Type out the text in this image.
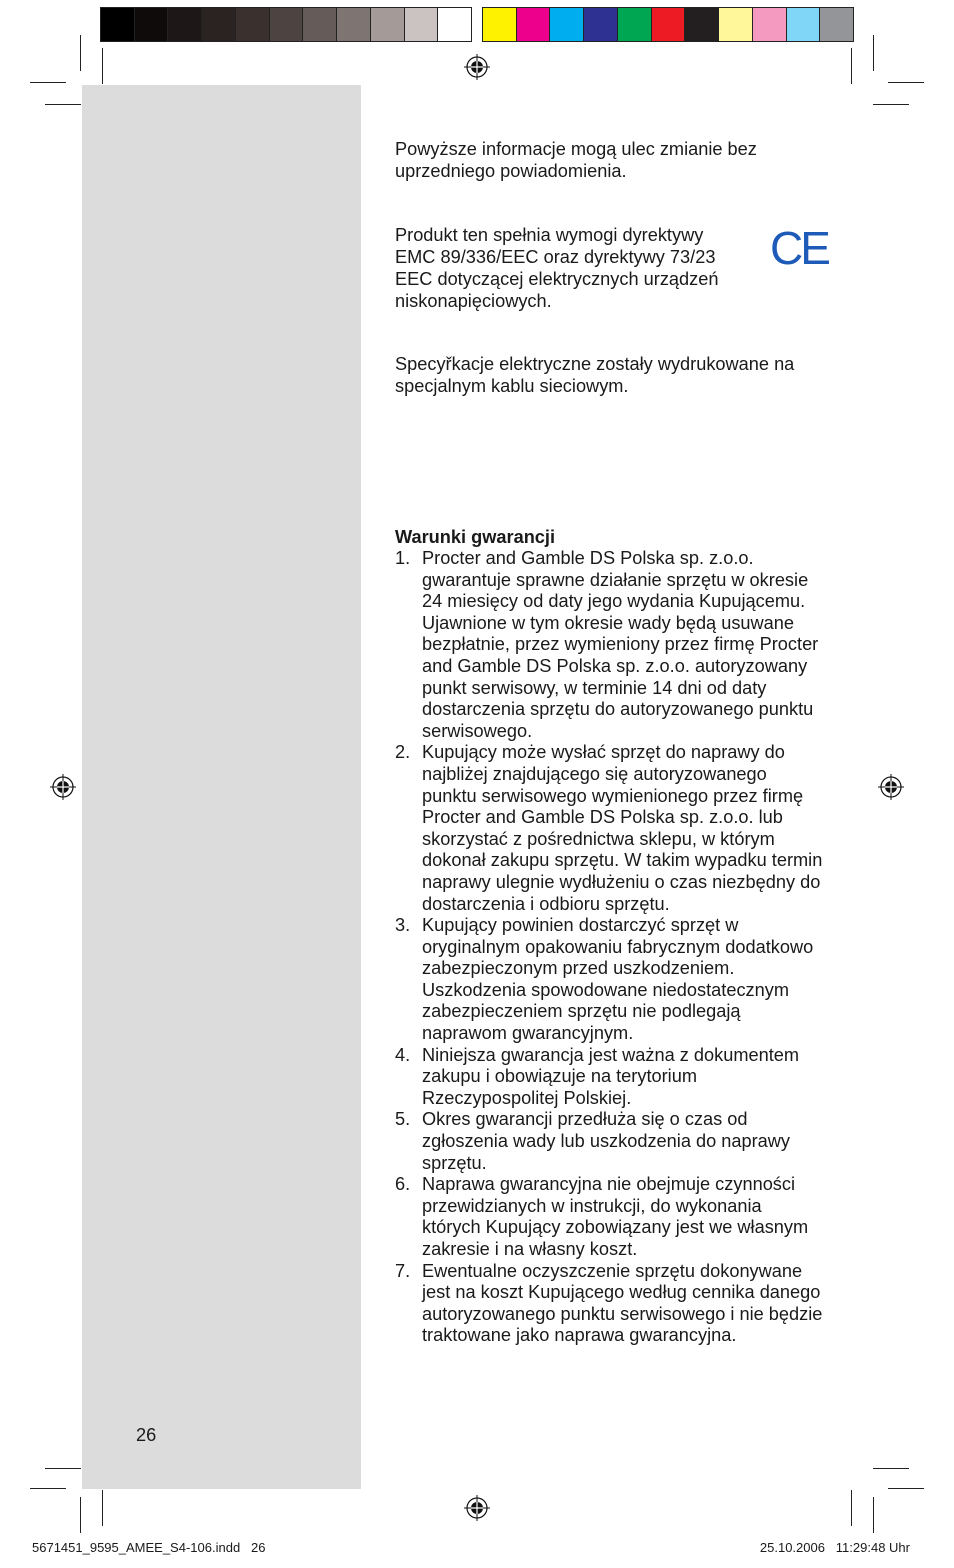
Powyższe informacje mogą ulec zmianie bez uprzedniego powiadomienia.
Produkt ten spełnia wymogi dyrektywy EMC 89/336/EEC oraz dyrektywy 73/23 EEC dotyczącej elektrycznych urządzeń niskonapięciowych.
CE
Specyřkacje elektryczne zostały wydrukowane na specjalnym kablu sieciowym.
Warunki gwarancji
1. Procter and Gamble DS Polska sp. z.o.o. gwarantuje sprawne działanie sprzętu w okresie 24 miesięcy od daty jego wydania Kupującemu. Ujawnione w tym okresie wady będą usuwane bezpłatnie, przez wymieniony przez firmę Procter and Gamble DS Polska sp. z.o.o. autoryzowany punkt serwisowy, w terminie 14 dni od daty dostarczenia sprzętu do autoryzowanego punktu serwisowego.
2. Kupujący może wysłać sprzęt do naprawy do najbliżej znajdującego się autoryzowanego punktu serwisowego wymienionego przez firmę Procter and Gamble DS Polska sp. z.o.o. lub skorzystać z pośrednictwa sklepu, w którym dokonał zakupu sprzętu. W takim wypadku termin naprawy ulegnie wydłużeniu o czas niezbędny do dostarczenia i odbioru sprzętu.
3. Kupujący powinien dostarczyć sprzęt w oryginalnym opakowaniu fabrycznym dodatkowo zabezpieczonym przed uszkodzeniem. Uszkodzenia spowodowane niedostatecznym zabezpieczeniem sprzętu nie podlegają naprawom gwarancyjnym.
4. Niniejsza gwarancja jest ważna z dokumentem zakupu i obowiązuje na terytorium Rzeczypospolitej Polskiej.
5. Okres gwarancji przedłuża się o czas od zgłoszenia wady lub uszkodzenia do naprawy sprzętu.
6. Naprawa gwarancyjna nie obejmuje czynności przewidzianych w instrukcji, do wykonania których Kupujący zobowiązany jest we własnym zakresie i na własny koszt.
7. Ewentualne oczyszczenie sprzętu dokonywane jest na koszt Kupującego według cennika danego autoryzowanego punktu serwisowego i nie będzie traktowane jako naprawa gwarancyjna.
26
5671451_9595_AMEE_S4-106.indd   26	25.10.2006   11:29:48 Uhr
